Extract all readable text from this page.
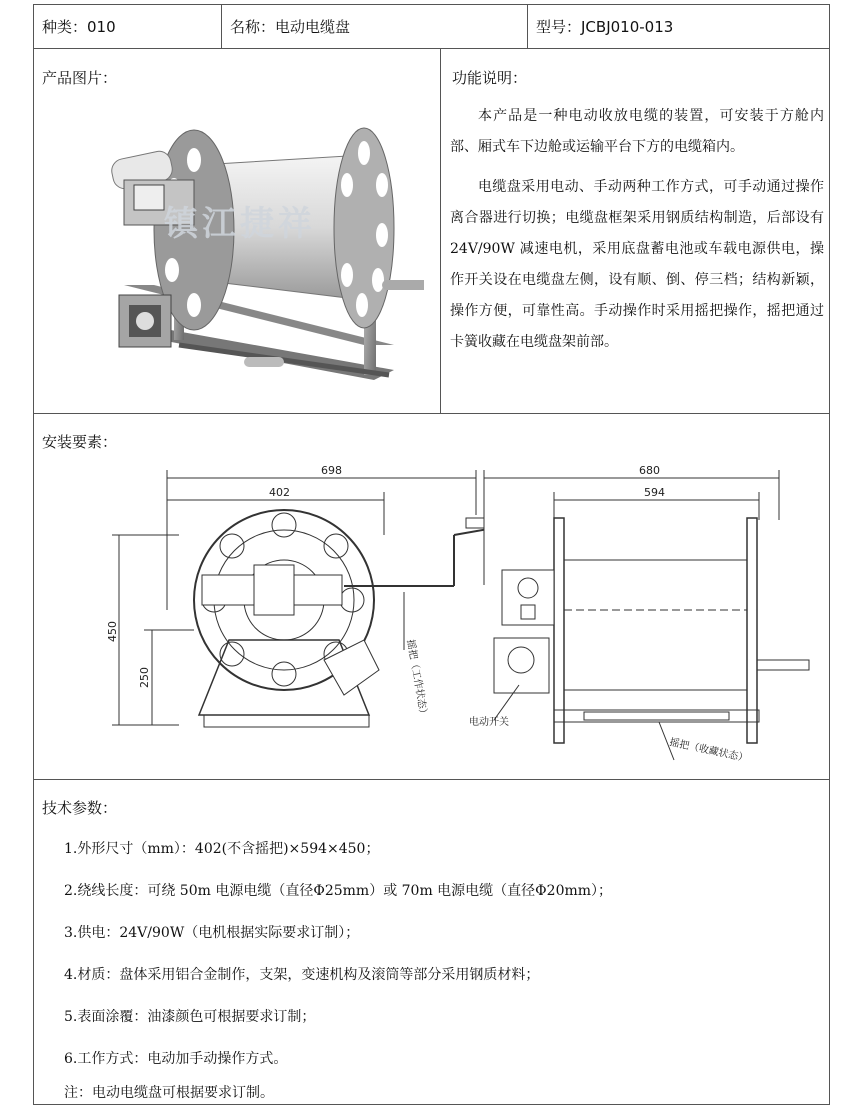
种类：010	名称：电动电缆盘	型号：JCBJ010-013
产品图片：
镇江捷祥
功能说明：

本产品是一种电动收放电缆的装置，可安装于方舱内部、厢式车下边舱或运输平台下方的电缆箱内。

电缆盘采用电动、手动两种工作方式，可手动通过操作离合器进行切换；电缆盘框架采用钢质结构制造，后部设有 24V/90W 减速电机，采用底盘蓄电池或车载电源供电，操作开关设在电缆盘左侧，设有顺、倒、停三档；结构新颖，操作方便，可靠性高。手动操作时采用摇把操作，摇把通过卡簧收藏在电缆盘架前部。

安装要素：
698
402
450
250	摇把（工作状态）
680
594
电动开关
摇把（收藏状态）
技术参数：
1.外形尺寸（mm）：402(不含摇把)×594×450；
2.绕线长度：可绕 50m 电源电缆（直径Φ25mm）或 70m 电源电缆（直径Φ20mm）；
3.供电：24V/90W（电机根据实际要求订制）；
4.材质：盘体采用铝合金制作，支架，变速机构及滚筒等部分采用钢质材料；
5.表面涂覆：油漆颜色可根据要求订制；
6.工作方式：电动加手动操作方式。
注：电动电缆盘可根据要求订制。
